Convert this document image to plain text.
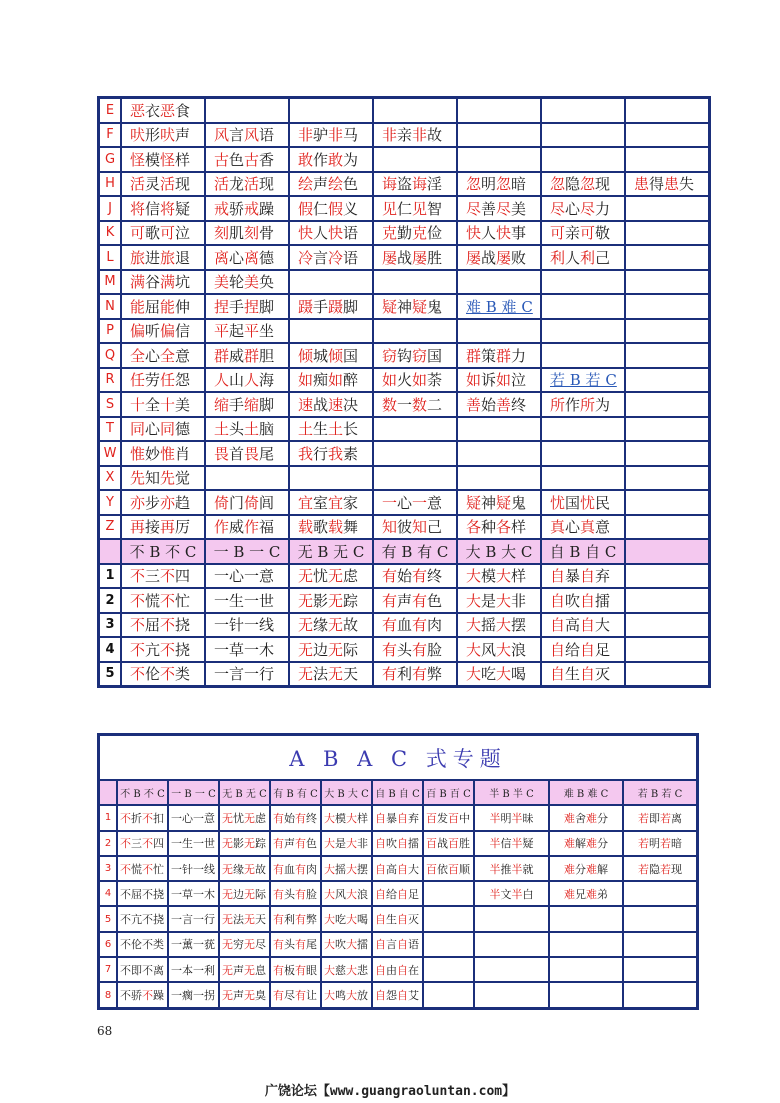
E	恶衣恶食						
F	吠形吠声	风言风语	非驴非马	非亲非故			
G	怪模怪样	古色古香	敢作敢为				
H	活灵活现	活龙活现	绘声绘色	诲盗诲淫	忽明忽暗	忽隐忽现	患得患失
J	将信将疑	戒骄戒躁	假仁假义	见仁见智	尽善尽美	尽心尽力	
K	可歌可泣	刻肌刻骨	快人快语	克勤克俭	快人快事	可亲可敬	
L	旅进旅退	离心离德	冷言冷语	屡战屡胜	屡战屡败	利人利己	
M	满谷满坑	美轮美奂					
N	能屈能伸	捏手捏脚	蹑手蹑脚	疑神疑鬼	难 B 难 C		
P	偏听偏信	平起平坐					
Q	全心全意	群威群胆	倾城倾国	窃钩窃国	群策群力		
R	任劳任怨	人山人海	如痴如醉	如火如荼	如诉如泣	若 B 若 C	
S	十全十美	缩手缩脚	速战速决	数一数二	善始善终	所作所为	
T	同心同德	土头土脑	土生土长				
W	惟妙惟肖	畏首畏尾	我行我素				
X	先知先觉						
Y	亦步亦趋	倚门倚闾	宜室宜家	一心一意	疑神疑鬼	忧国忧民	
Z	再接再厉	作威作福	载歌载舞	知彼知己	各种各样	真心真意	
	不 B 不 C	一 B 一 C	无 B 无 C	有 B 有 C	大 B 大 C	自 B 自 C	
1	不三不四	一心一意	无忧无虑	有始有终	大模大样	自暴自弃	
2	不慌不忙	一生一世	无影无踪	有声有色	大是大非	自吹自擂	
3	不屈不挠	一针一线	无缘无故	有血有肉	大摇大摆	自高自大	
4	不亢不挠	一草一木	无边无际	有头有脸	大风大浪	自给自足	
5	不伦不类	一言一行	无法无天	有利有弊	大吃大喝	自生自灭	
A B A C 式专题										
	不 B 不 C	一 B 一 C	无 B 无 C	有 B 有 C	大 B 大 C	自 B 自 C	百 B 百 C	半 B 半 C	难 B 难 C	若 B 若 C
1	不折不扣	一心一意	无忧无虑	有始有终	大模大样	自暴自弃	百发百中	半明半昧	难舍难分	若即若离
2	不三不四	一生一世	无影无踪	有声有色	大是大非	自吹自擂	百战百胜	半信半疑	难解难分	若明若暗
3	不慌不忙	一针一线	无缘无故	有血有肉	大摇大摆	自高自大	百依百顺	半推半就	难分难解	若隐若现
4	不屈不挠	一草一木	无边无际	有头有脸	大风大浪	自给自足		半文半白	难兄难弟	
5	不亢不挠	一言一行	无法无天	有利有弊	大吃大喝	自生自灭				
6	不伦不类	一薰一莸	无穷无尽	有头有尾	大吹大擂	自言自语				
7	不即不离	一本一利	无声无息	有板有眼	大慈大悲	自由自在				
8	不骄不躁	一瘸一拐	无声无臭	有尽有让	大鸣大放	自怨自艾				
68
广饶论坛【www.guangraoluntan.com】
